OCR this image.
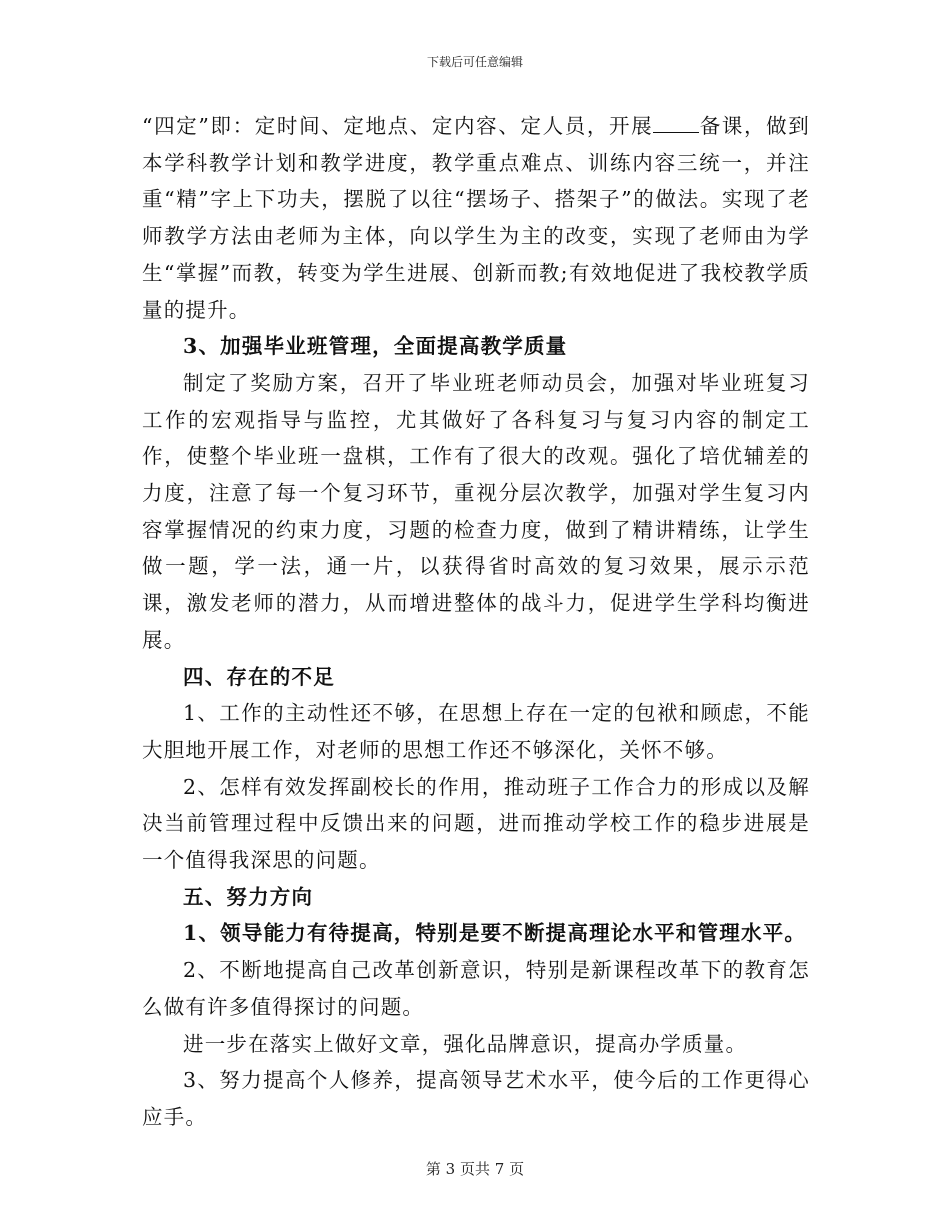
下载后可任意编辑

“四定”即：定时间、定地点、定内容、定人员，开展 备课，做到本学科教学计划和教学进度，教学重点难点、训练内容三统一，并注重“精”字上下功夫，摆脱了以往“摆场子、搭架子”的做法。实现了老师教学方法由老师为主体，向以学生为主的改变，实现了老师由为学生“掌握”而教，转变为学生进展、创新而教;有效地促进了我校教学质量的提升。

3、加强毕业班管理，全面提高教学质量

制定了奖励方案，召开了毕业班老师动员会，加强对毕业班复习工作的宏观指导与监控，尤其做好了各科复习与复习内容的制定工作，使整个毕业班一盘棋，工作有了很大的改观。强化了培优辅差的力度，注意了每一个复习环节，重视分层次教学，加强对学生复习内容掌握情况的约束力度，习题的检查力度，做到了精讲精练，让学生做一题，学一法，通一片，以获得省时高效的复习效果，展示示范课，激发老师的潜力，从而增进整体的战斗力，促进学生学科均衡进展。

四、存在的不足

1、工作的主动性还不够，在思想上存在一定的包袱和顾虑，不能大胆地开展工作，对老师的思想工作还不够深化，关怀不够。

2、怎样有效发挥副校长的作用，推动班子工作合力的形成以及解决当前管理过程中反馈出来的问题，进而推动学校工作的稳步进展是一个值得我深思的问题。

五、努力方向

1、领导能力有待提高，特别是要不断提高理论水平和管理水平。

2、不断地提高自己改革创新意识，特别是新课程改革下的教育怎么做有许多值得探讨的问题。

进一步在落实上做好文章，强化品牌意识，提高办学质量。

3、努力提高个人修养，提高领导艺术水平，使今后的工作更得心应手。

第 3 页共 7 页
